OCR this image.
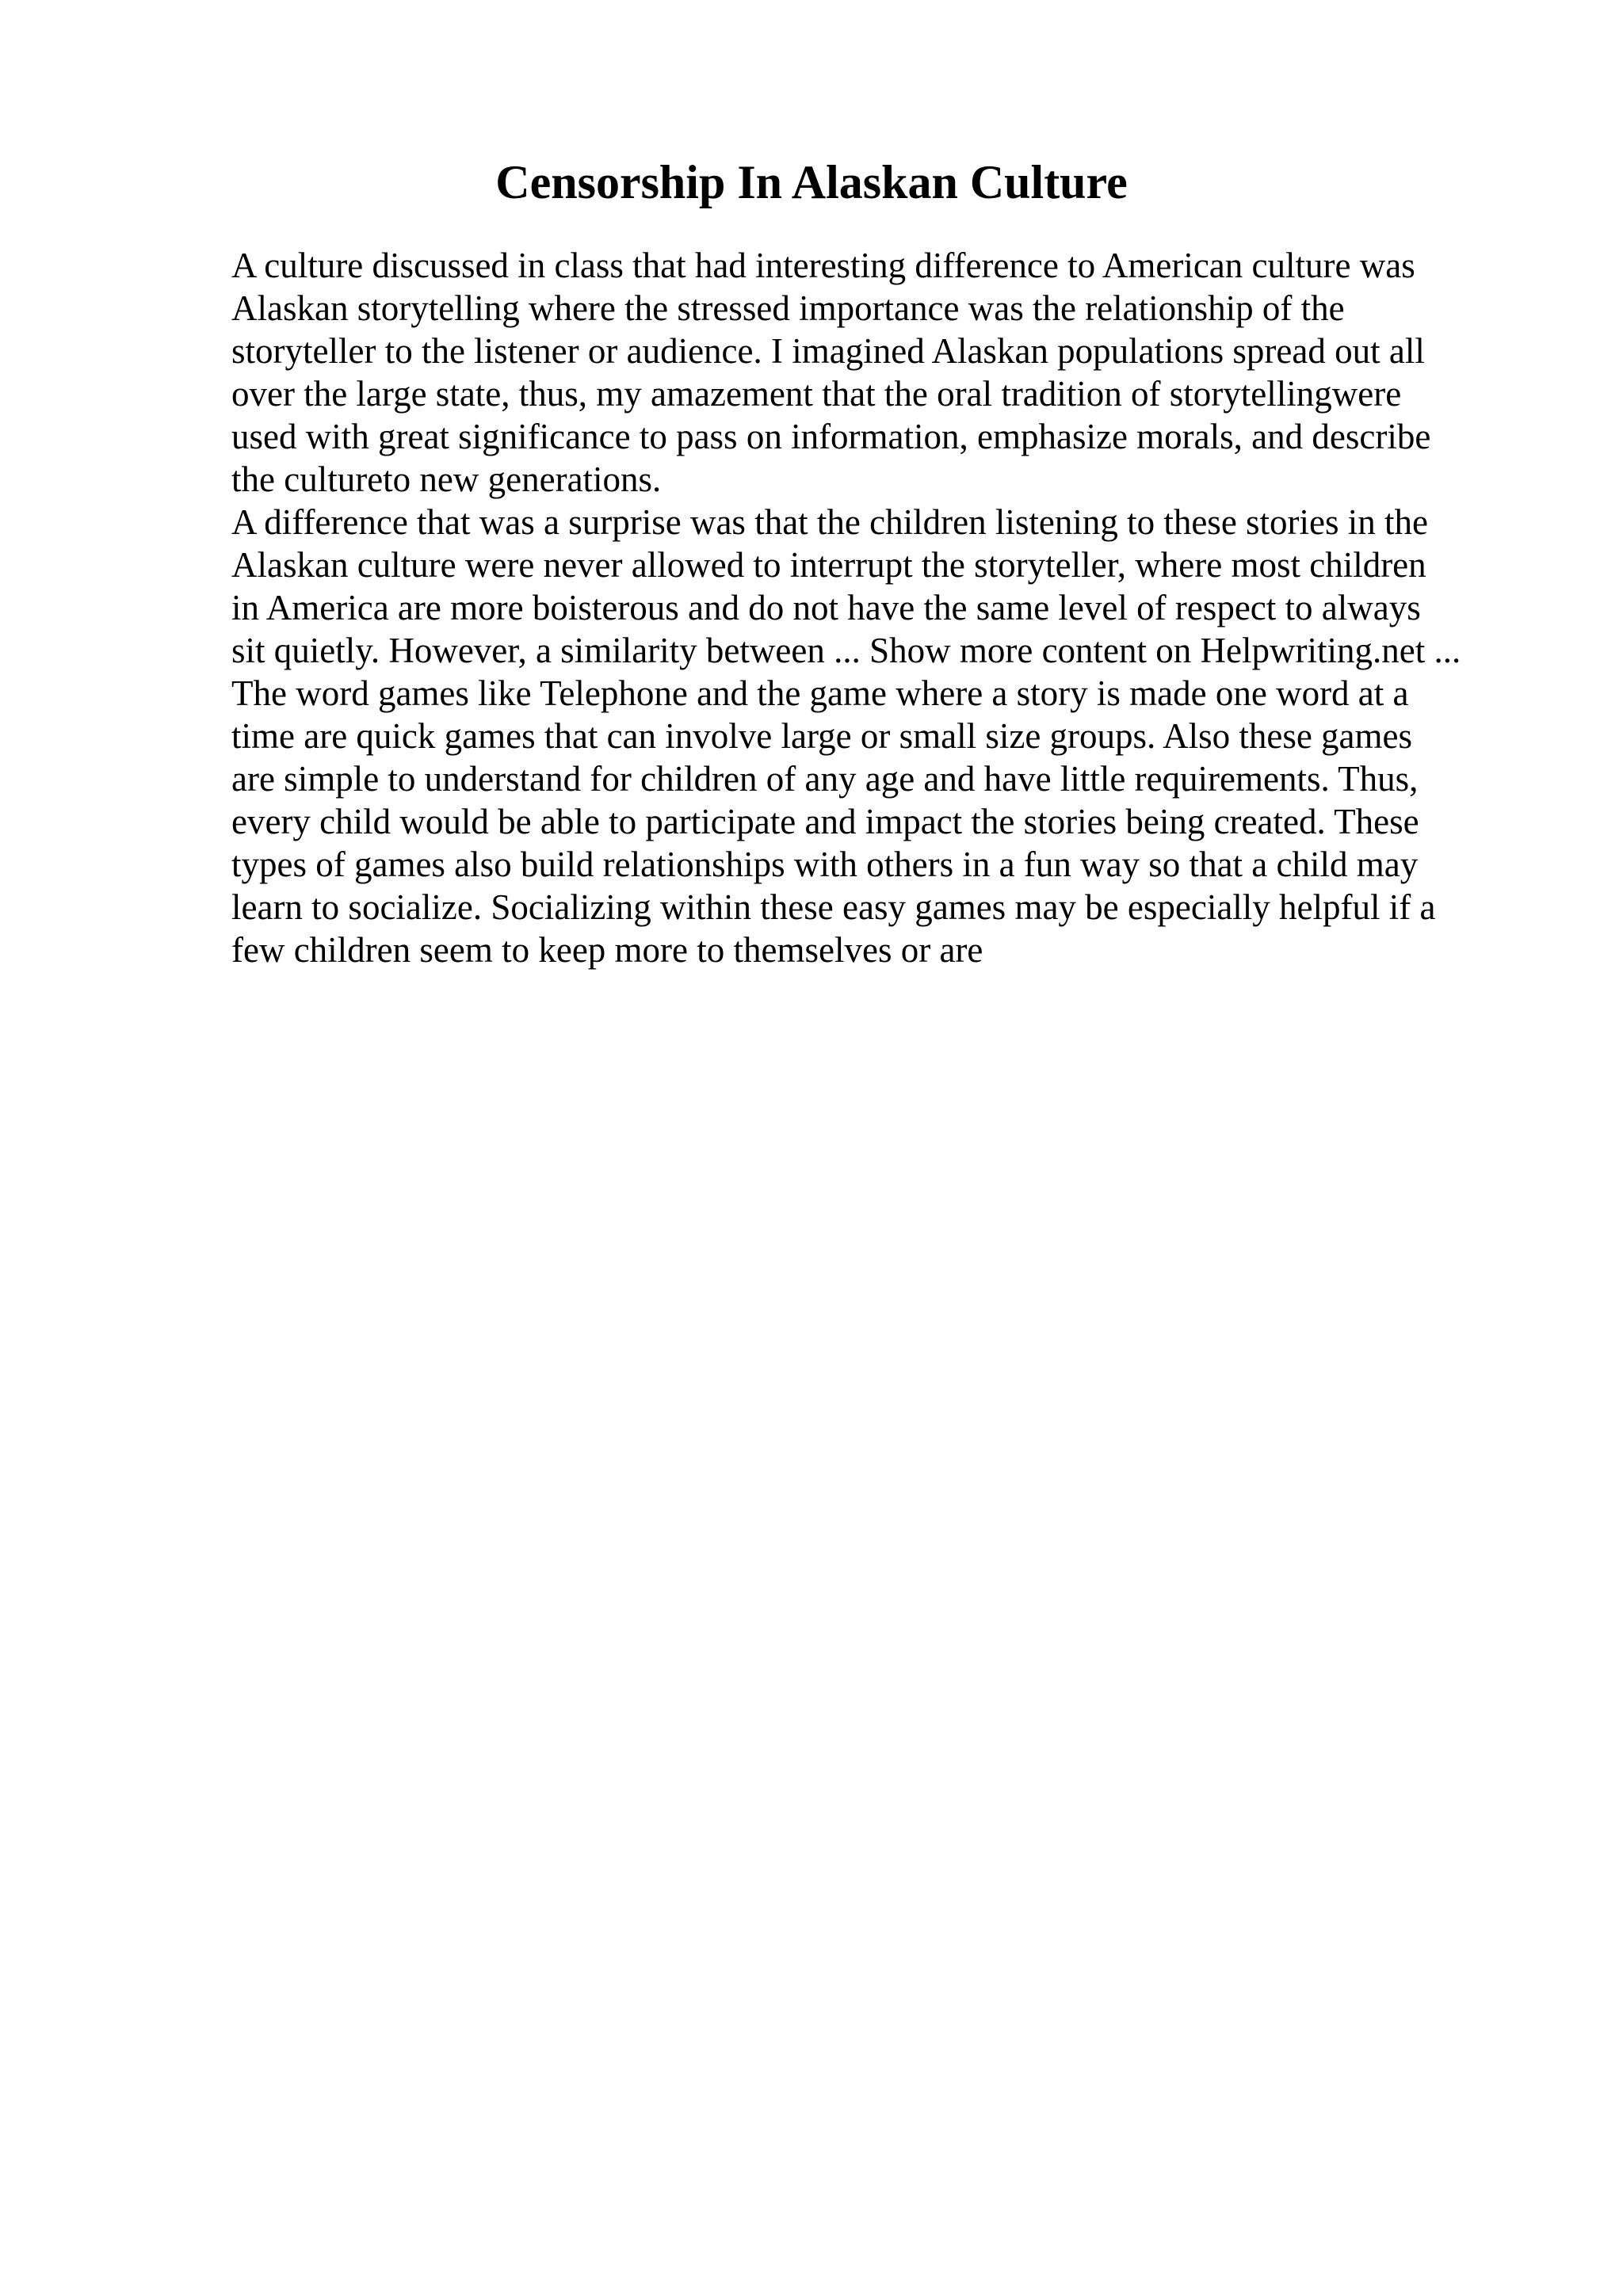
Censorship In Alaskan Culture
A culture discussed in class that had interesting difference to American culture was
Alaskan storytelling where the stressed importance was the relationship of the
storyteller to the listener or audience. I imagined Alaskan populations spread out all
over the large state, thus, my amazement that the oral tradition of storytellingwere
used with great significance to pass on information, emphasize morals, and describe
the cultureto new generations.
A difference that was a surprise was that the children listening to these stories in the
Alaskan culture were never allowed to interrupt the storyteller, where most children
in America are more boisterous and do not have the same level of respect to always
sit quietly. However, a similarity between ... Show more content on Helpwriting.net ...
The word games like Telephone and the game where a story is made one word at a
time are quick games that can involve large or small size groups. Also these games
are simple to understand for children of any age and have little requirements. Thus,
every child would be able to participate and impact the stories being created. These
types of games also build relationships with others in a fun way so that a child may
learn to socialize. Socializing within these easy games may be especially helpful if a
few children seem to keep more to themselves or are
